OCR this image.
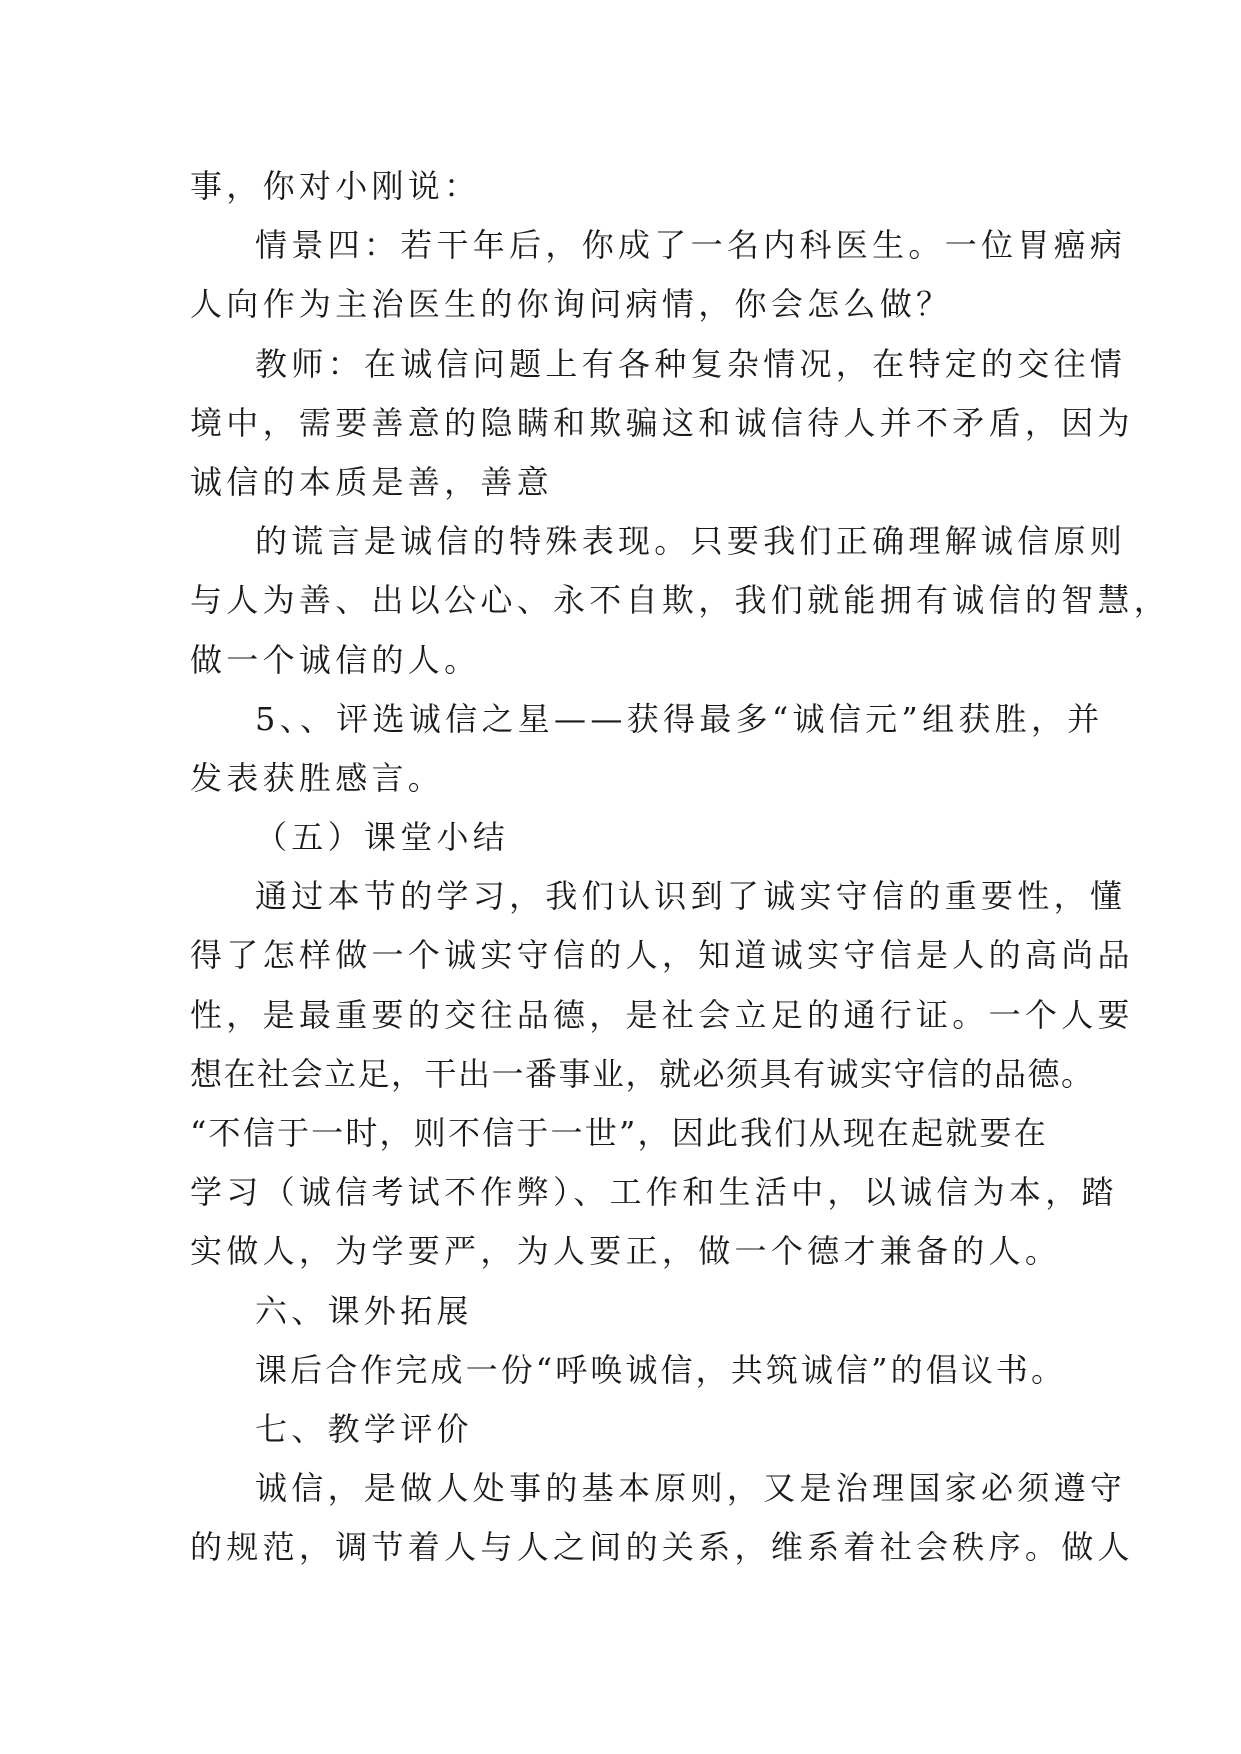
事，你对小刚说：
情景四：若干年后，你成了一名内科医生。一位胃癌病
人向作为主治医生的你询问病情，你会怎么做？
教师：在诚信问题上有各种复杂情况，在特定的交往情
境中，需要善意的隐瞒和欺骗这和诚信待人并不矛盾，因为
诚信的本质是善，善意
的谎言是诚信的特殊表现。只要我们正确理解诚信原则
与人为善、出以公心、永不自欺，我们就能拥有诚信的智慧，
做一个诚信的人。
5、、评选诚信之星——获得最多“诚信元”组获胜，并
发表获胜感言。
（五）课堂小结
通过本节的学习，我们认识到了诚实守信的重要性，懂
得了怎样做一个诚实守信的人，知道诚实守信是人的高尚品
性，是最重要的交往品德，是社会立足的通行证。一个人要
想在社会立足，干出一番事业，就必须具有诚实守信的品德。
“不信于一时，则不信于一世”，因此我们从现在起就要在
学习（诚信考试不作弊）、工作和生活中，以诚信为本，踏
实做人，为学要严，为人要正，做一个德才兼备的人。
六、课外拓展
课后合作完成一份“呼唤诚信，共筑诚信”的倡议书。
七、教学评价
诚信，是做人处事的基本原则，又是治理国家必须遵守
的规范，调节着人与人之间的关系，维系着社会秩序。做人
